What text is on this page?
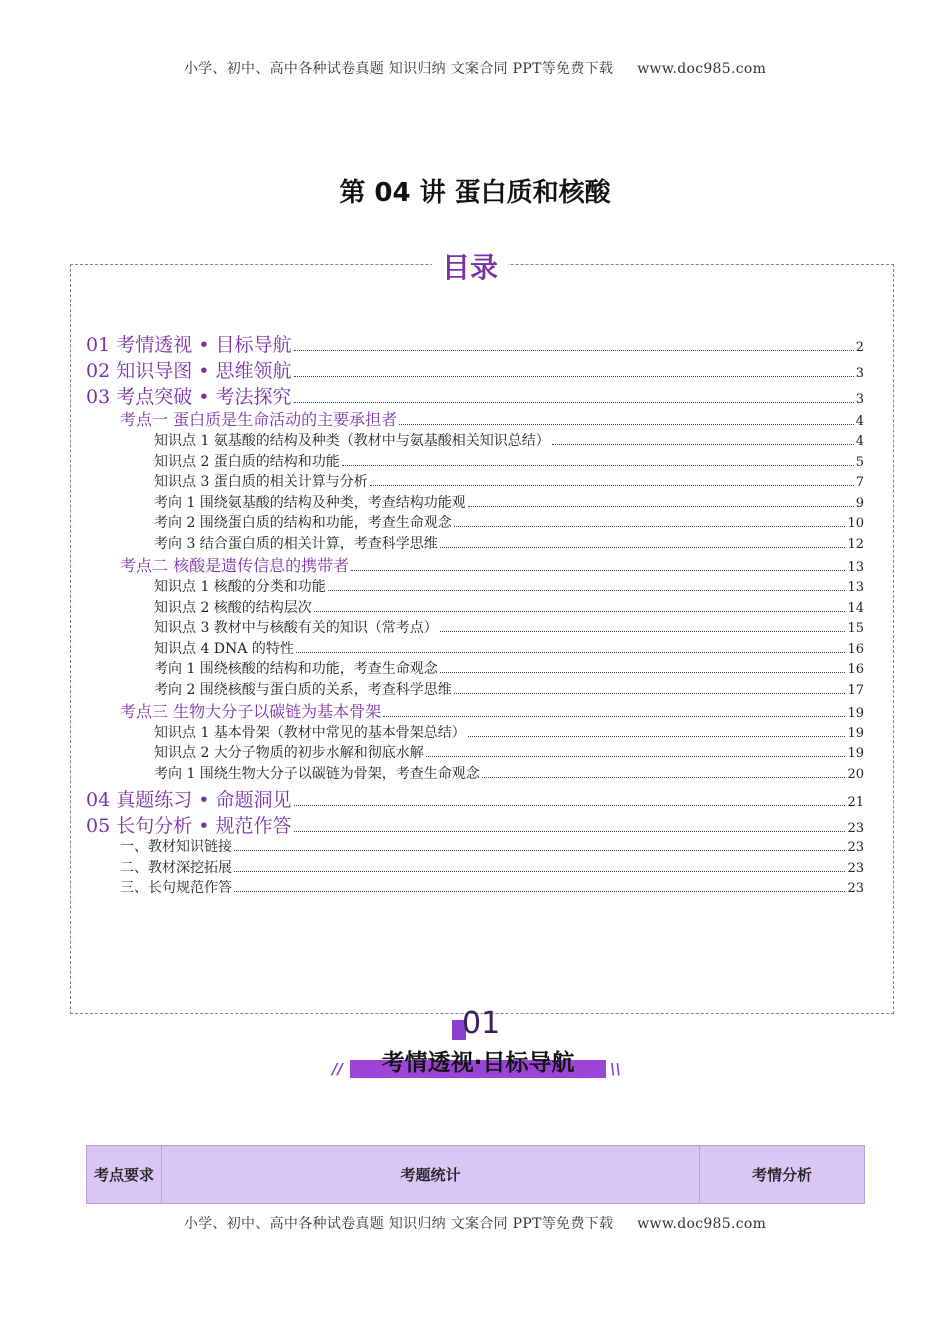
小学、初中、高中各种试卷真题 知识归纳 文案合同 PPT等免费下载 www.doc985.com
第 04 讲 蛋白质和核酸
目录
01 考情透视 • 目标导航	2
02 知识导图 • 思维领航	3
03 考点突破 • 考法探究	3
考点一 蛋白质是生命活动的主要承担者	4
知识点 1 氨基酸的结构及种类（教材中与氨基酸相关知识总结）	4
知识点 2 蛋白质的结构和功能	5
知识点 3 蛋白质的相关计算与分析	7
考向 1 围绕氨基酸的结构及种类，考查结构功能观	9
考向 2 围绕蛋白质的结构和功能，考查生命观念	10
考向 3 结合蛋白质的相关计算，考查科学思维	12
考点二 核酸是遗传信息的携带者	13
知识点 1 核酸的分类和功能	13
知识点 2 核酸的结构层次	14
知识点 3 教材中与核酸有关的知识（常考点）	15
知识点 4 DNA 的特性	16
考向 1 围绕核酸的结构和功能，考查生命观念	16
考向 2 围绕核酸与蛋白质的关系，考查科学思维	17
考点三 生物大分子以碳链为基本骨架	19
知识点 1 基本骨架（教材中常见的基本骨架总结）	19
知识点 2 大分子物质的初步水解和彻底水解	19
考向 1 围绕生物大分子以碳链为骨架，考查生命观念	20
04 真题练习 • 命题洞见	21
05 长句分析 • 规范作答	23
一、教材知识链接	23
二、教材深挖拓展	23
三、长句规范作答	23
01
考情透视·目标导航
//	\\
考点要求	考题统计	考情分析
小学、初中、高中各种试卷真题 知识归纳 文案合同 PPT等免费下载 www.doc985.com
